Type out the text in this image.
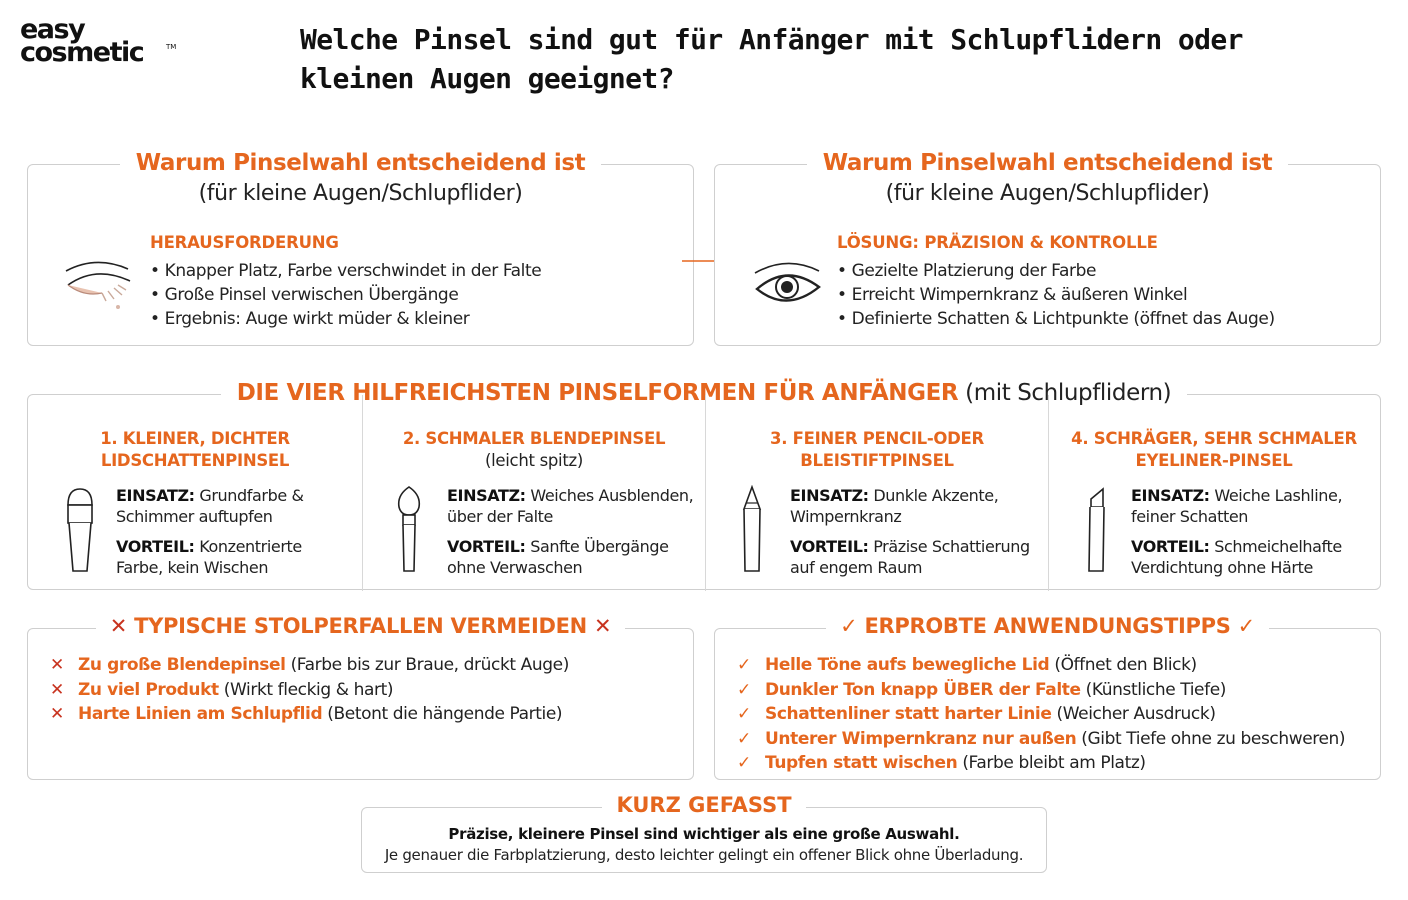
easy
cosmetic	TM	Welche Pinsel sind gut für Anfänger mit Schlupflidern oder kleinen Augen geeignet?
Warum Pinselwahl entscheidend ist
(für kleine Augen/Schlupflider)
HERAUSFORDERUNG
• Knapper Platz, Farbe verschwindet in der Falte
• Große Pinsel verwischen Übergänge
• Ergebnis: Auge wirkt müder & kleiner
Warum Pinselwahl entscheidend ist
(für kleine Augen/Schlupflider)
LÖSUNG: PRÄZISION & KONTROLLE
• Gezielte Platzierung der Farbe
• Erreicht Wimpernkranz & äußeren Winkel
• Definierte Schatten & Lichtpunkte (öffnet das Auge)
DIE VIER HILFREICHSTEN PINSELFORMEN FÜR ANFÄNGER (mit Schlupflidern)
1. KLEINER, DICHTER
LIDSCHATTENPINSEL

EINSATZ: Grundfarbe & Schimmer auftupfen

VORTEIL: Konzentrierte Farbe, kein Wischen

2. SCHMALER BLENDEPINSEL
(leicht spitz)

EINSATZ: Weiches Ausblenden, über der Falte

VORTEIL: Sanfte Übergänge ohne Verwaschen

3. FEINER PENCIL-ODER
BLEISTIFTPINSEL

EINSATZ: Dunkle Akzente, Wimpernkranz

VORTEIL: Präzise Schattierung auf engem Raum

4. SCHRÄGER, SEHR SCHMALER
EYELINER-PINSEL

EINSATZ: Weiche Lashline, feiner Schatten

VORTEIL: Schmeichelhafte Verdichtung ohne Härte

✕ TYPISCHE STOLPERFALLEN VERMEIDEN ✕
✕ Zu große Blendepinsel (Farbe bis zur Braue, drückt Auge)
✕ Zu viel Produkt (Wirkt fleckig & hart)
✕ Harte Linien am Schlupflid (Betont die hängende Partie)
✓ ERPROBTE ANWENDUNGSTIPPS ✓
✓ Helle Töne aufs bewegliche Lid (Öffnet den Blick)
✓ Dunkler Ton knapp ÜBER der Falte (Künstliche Tiefe)
✓ Schattenliner statt harter Linie (Weicher Ausdruck)
✓ Unterer Wimpernkranz nur außen (Gibt Tiefe ohne zu beschweren)
✓ Tupfen statt wischen (Farbe bleibt am Platz)
KURZ GEFASST
Präzise, kleinere Pinsel sind wichtiger als eine große Auswahl.
Je genauer die Farbplatzierung, desto leichter gelingt ein offener Blick ohne Überladung.
